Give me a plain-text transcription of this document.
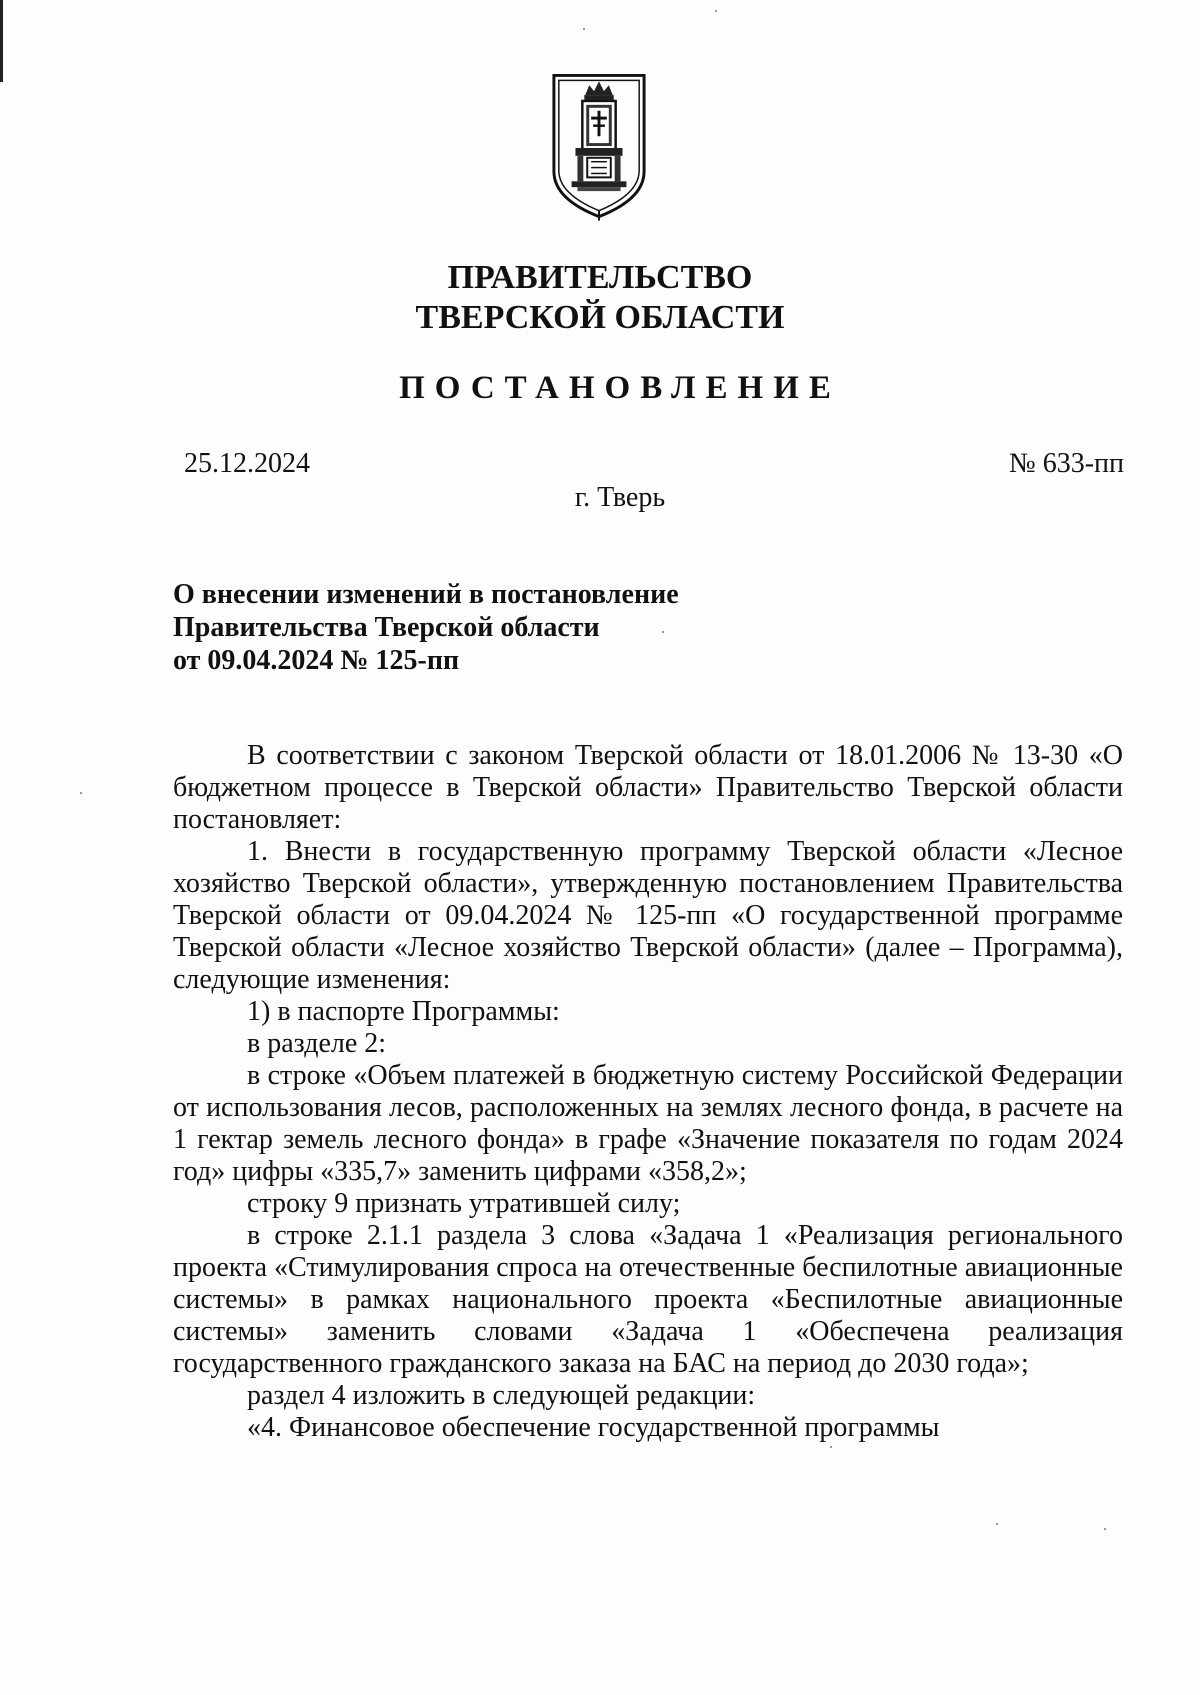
ПРАВИТЕЛЬСТВО
ТВЕРСКОЙ ОБЛАСТИ
ПОСТАНОВЛЕНИЕ
25.12.2024	№ 633-пп
г. Тверь
О внесении изменений в постановление
Правительства Тверской области
от 09.04.2024 № 125-пп

В соответствии с законом Тверской области от 18.01.2006 № 13-30 «О бюджетном процессе в Тверской области» Правительство Тверской области постановляет:

1. Внести в государственную программу Тверской области «Лесное хозяйство Тверской области», утвержденную постановлением Правительства Тверской области от 09.04.2024 № 125-пп «О государственной программе Тверской области «Лесное хозяйство Тверской области» (далее – Программа), следующие изменения:

1) в паспорте Программы:

в разделе 2:

в строке «Объем платежей в бюджетную систему Российской Федерации от использования лесов, расположенных на землях лесного фонда, в расчете на 1 гектар земель лесного фонда» в графе «Значение показателя по годам 2024 год» цифры «335,7» заменить цифрами «358,2»;

строку 9 признать утратившей силу;

в строке 2.1.1 раздела 3 слова «Задача 1 «Реализация регионального проекта «Стимулирования спроса на отечественные беспилотные авиационные системы» в рамках национального проекта «Беспилотные авиационные системы» заменить словами «Задача 1 «Обеспечена реализация государственного гражданского заказа на БАС на период до 2030 года»;

раздел 4 изложить в следующей редакции:

«4. Финансовое обеспечение государственной программы
